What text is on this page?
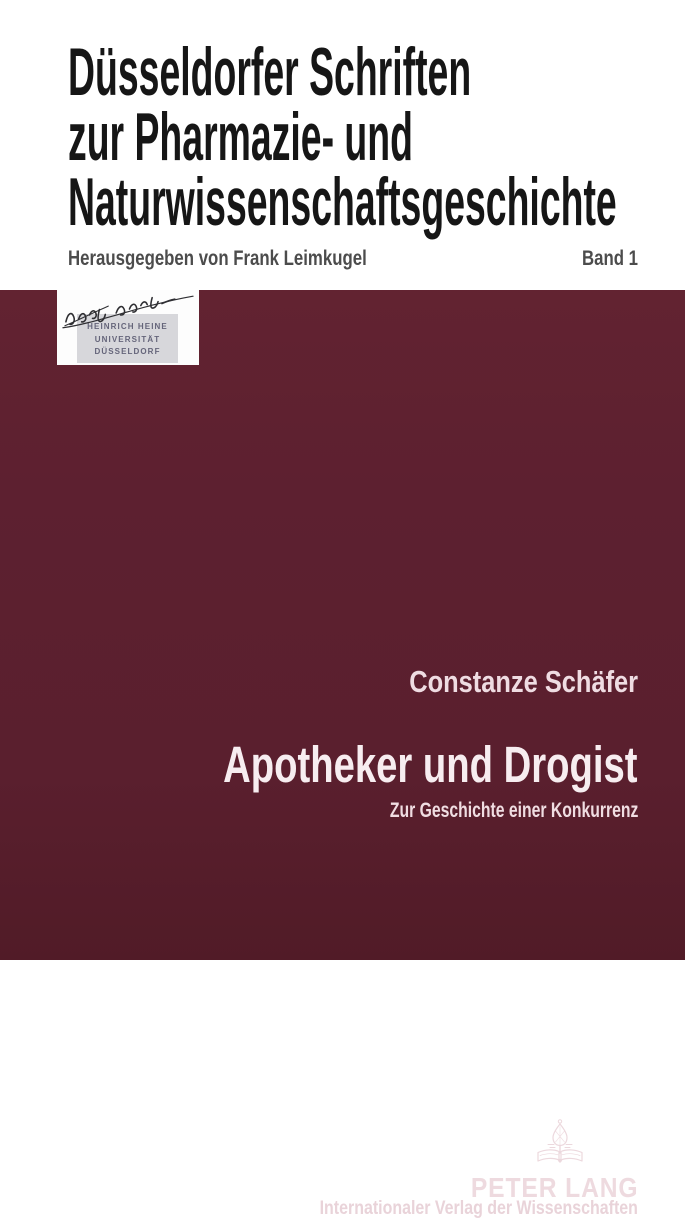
Düsseldorfer Schriften
zur Pharmazie- und
Naturwissenschaftsgeschichte
Herausgegeben von Frank Leimkugel	Band 1
Constanze Schäfer
Apotheker und Drogist
Zur Geschichte einer Konkurrenz
PETER LANG
Internationaler Verlag der Wissenschaften
HEINRICH HEINE
UNIVERSITÄT
DÜSSELDORF
